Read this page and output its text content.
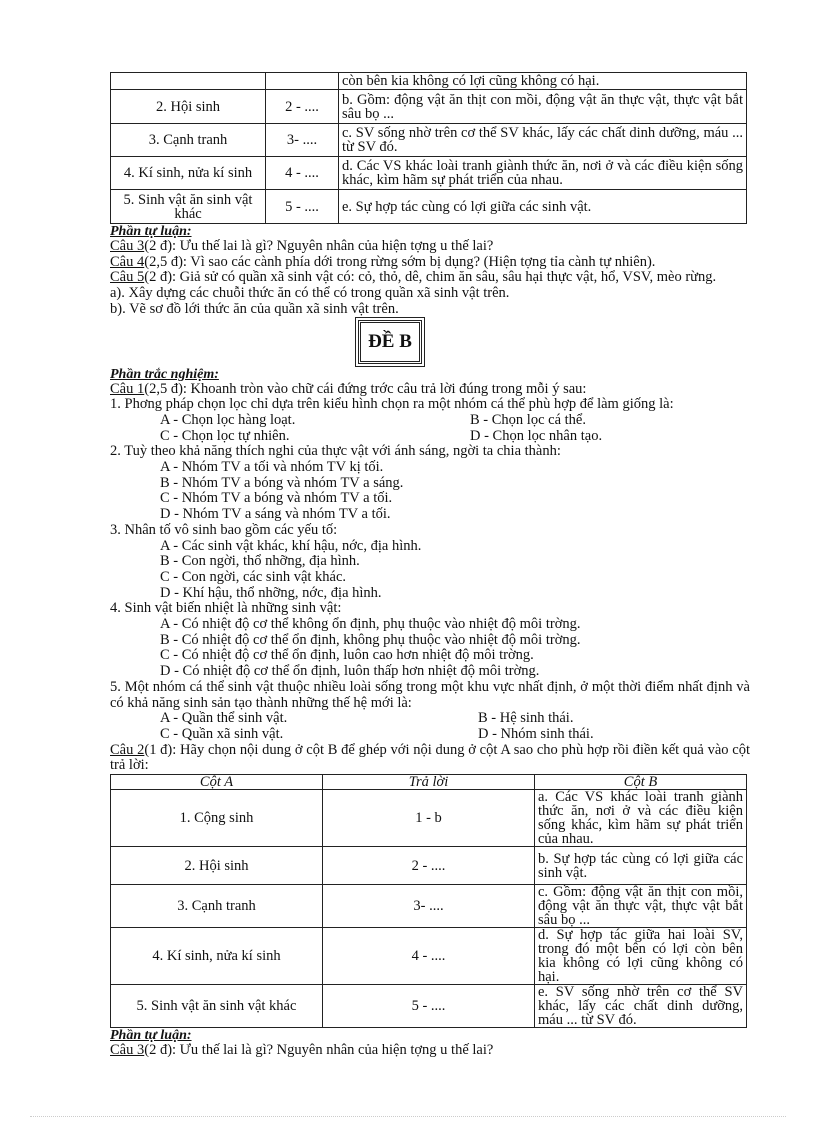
		còn bên kia không có lợi cũng không có hại.
2. Hội sinh	2 - ....	b. Gồm: động vật ăn thịt con mồi, động vật ăn thực vật, thực vật bắt sâu bọ ...
3. Cạnh tranh	3- ....	c. SV sống nhờ trên cơ thể SV khác, lấy các chất dinh dưỡng, máu ... từ SV đó.
4. Kí sinh, nửa kí sinh	4 - ....	d. Các VS khác loài tranh giành thức ăn, nơi ở và các điều kiện sống khác, kìm hãm sự phát triển của nhau.
5. Sinh vật ăn sinh vật khác	5 - ....	e. Sự hợp tác cùng có lợi giữa các sinh vật.
Phần tự luận:
Câu 3(2 đ): Ưu thế lai là gì? Nguyên nhân của hiện tợng u thế lai?
Câu 4(2,5 đ): Vì sao các cành phía dới trong rừng sớm bị dụng? (Hiện tợng tỉa cành tự nhiên).
Câu 5(2 đ): Giả sử có quần xã sinh vật có: cỏ, thỏ, dê, chim ăn sâu, sâu hại thực vật, hổ, VSV, mèo rừng.
a). Xây dựng các chuỗi thức ăn có thể có trong quần xã sinh vật trên.
b). Vẽ sơ đồ lới thức ăn của quần xã sinh vật trên.
ĐỀ B
Phần trắc nghiệm:
Câu 1(2,5 đ): Khoanh tròn vào chữ cái đứng trớc câu trả lời đúng trong mỗi ý sau:
1. Phơng pháp chọn lọc chỉ dựa trên kiểu hình chọn ra một nhóm cá thể phù hợp để làm giống là:
A - Chọn lọc hàng loạt.	B - Chọn lọc cá thể.
C - Chọn lọc tự nhiên.	D - Chọn lọc nhân tạo.
2. Tuỳ theo khả năng thích nghi của thực vật với ánh sáng, ngời ta chia thành:
A - Nhóm TV a tối và nhóm TV kị tối.
B - Nhóm TV a bóng và nhóm TV a sáng.
C - Nhóm TV a bóng và nhóm TV a tối.
D - Nhóm TV a sáng và nhóm TV a tối.
3. Nhân tố vô sinh bao gồm các yếu tố:
A - Các sinh vật khác, khí hậu, nớc, địa hình.
B - Con ngời, thổ nhỡng, địa hình.
C - Con ngời, các sinh vật khác.
D - Khí hậu, thổ nhỡng, nớc, địa hình.
4. Sinh vật biến nhiệt là những sinh vật:
A - Có nhiệt độ cơ thể không ổn định, phụ thuộc vào nhiệt độ môi trờng.
B - Có nhiệt độ cơ thể ổn định, không phụ thuộc vào nhiệt độ môi trờng.
C - Có nhiệt độ cơ thể ổn định, luôn cao hơn nhiệt độ môi trờng.
D - Có nhiệt độ cơ thể ổn định, luôn thấp hơn nhiệt độ môi trờng.
5. Một nhóm cá thể sinh vật thuộc nhiều loài sống trong một khu vực nhất định, ở một thời điểm nhất định và có khả năng sinh sản tạo thành những thế hệ mới là:
A - Quần thể sinh vật.	B - Hệ sinh thái.
C - Quần xã sinh vật.	D - Nhóm sinh thái.
Câu 2(1 đ): Hãy chọn nội dung ở cột B để ghép với nội dung ở cột A sao cho phù hợp rồi điền kết quả vào cột trả lời:
Cột A	Trả lời	Cột B
1. Cộng sinh	1 - b	a. Các VS khác loài tranh giành thức ăn, nơi ở và các điều kiện sống khác, kìm hãm sự phát triển của nhau.
2. Hội sinh	2 - ....	b. Sự hợp tác cùng có lợi giữa các sinh vật.
3. Cạnh tranh	3- ....	c. Gồm: động vật ăn thịt con mồi, động vật ăn thực vật, thực vật bắt sâu bọ ...
4. Kí sinh, nửa kí sinh	4 - ....	d. Sự hợp tác giữa hai loài SV, trong đó một bên có lợi còn bên kia không có lợi cũng không có hại.
5. Sinh vật ăn sinh vật khác	5 - ....	e. SV sống nhờ trên cơ thể SV khác, lấy các chất dinh dưỡng, máu ... từ SV đó.
Phần tự luận:
Câu 3(2 đ): Ưu thế lai là gì? Nguyên nhân của hiện tợng u thế lai?
